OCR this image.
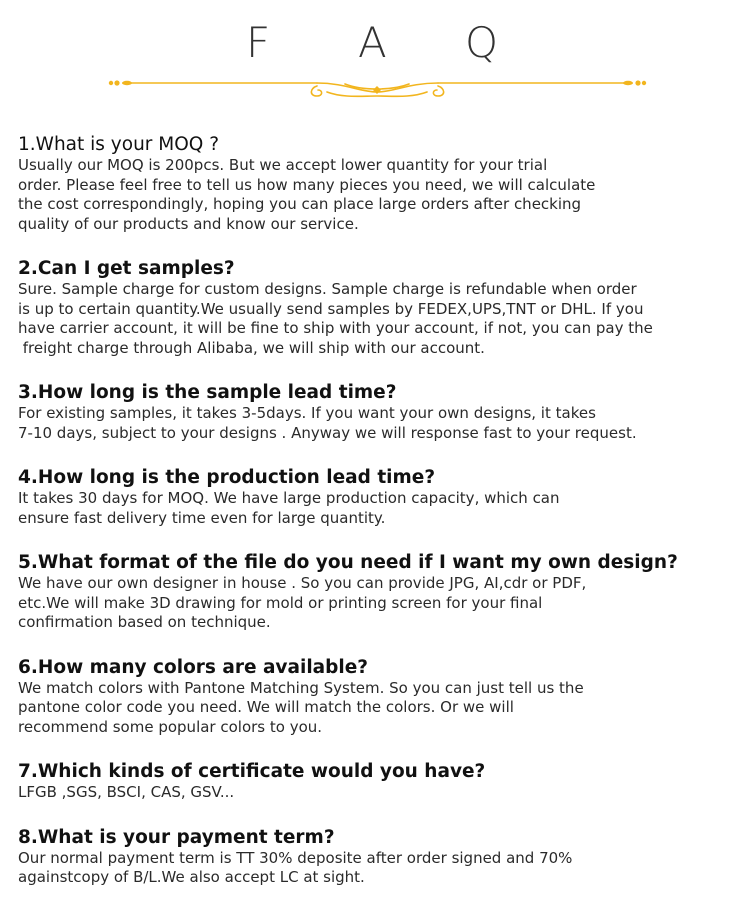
F A Q
1.What is your MOQ ?
Usually our MOQ is 200pcs. But we accept lower quantity for your trial
order. Please feel free to tell us how many pieces you need, we will calculate
the cost correspondingly, hoping you can place large orders after checking
quality of our products and know our service.
2.Can I get samples?
Sure. Sample charge for custom designs. Sample charge is refundable when order
is up to certain quantity.We usually send samples by FEDEX,UPS,TNT or DHL. If you
have carrier account, it will be fine to ship with your account, if not, you can pay the
freight charge through Alibaba, we will ship with our account.
3.How long is the sample lead time?
For existing samples, it takes 3-5days. If you want your own designs, it takes
7-10 days, subject to your designs . Anyway we will response fast to your request.
4.How long is the production lead time?
It takes 30 days for MOQ. We have large production capacity, which can
ensure fast delivery time even for large quantity.
5.What format of the file do you need if I want my own design?
We have our own designer in house . So you can provide JPG, AI,cdr or PDF,
etc.We will make 3D drawing for mold or printing screen for your final
confirmation based on technique.
6.How many colors are available?
We match colors with Pantone Matching System. So you can just tell us the
pantone color code you need. We will match the colors. Or we will
recommend some popular colors to you.
7.Which kinds of certificate would you have?
LFGB ,SGS, BSCI, CAS, GSV...
8.What is your payment term?
Our normal payment term is TT 30% deposite after order signed and 70%
againstcopy of B/L.We also accept LC at sight.
